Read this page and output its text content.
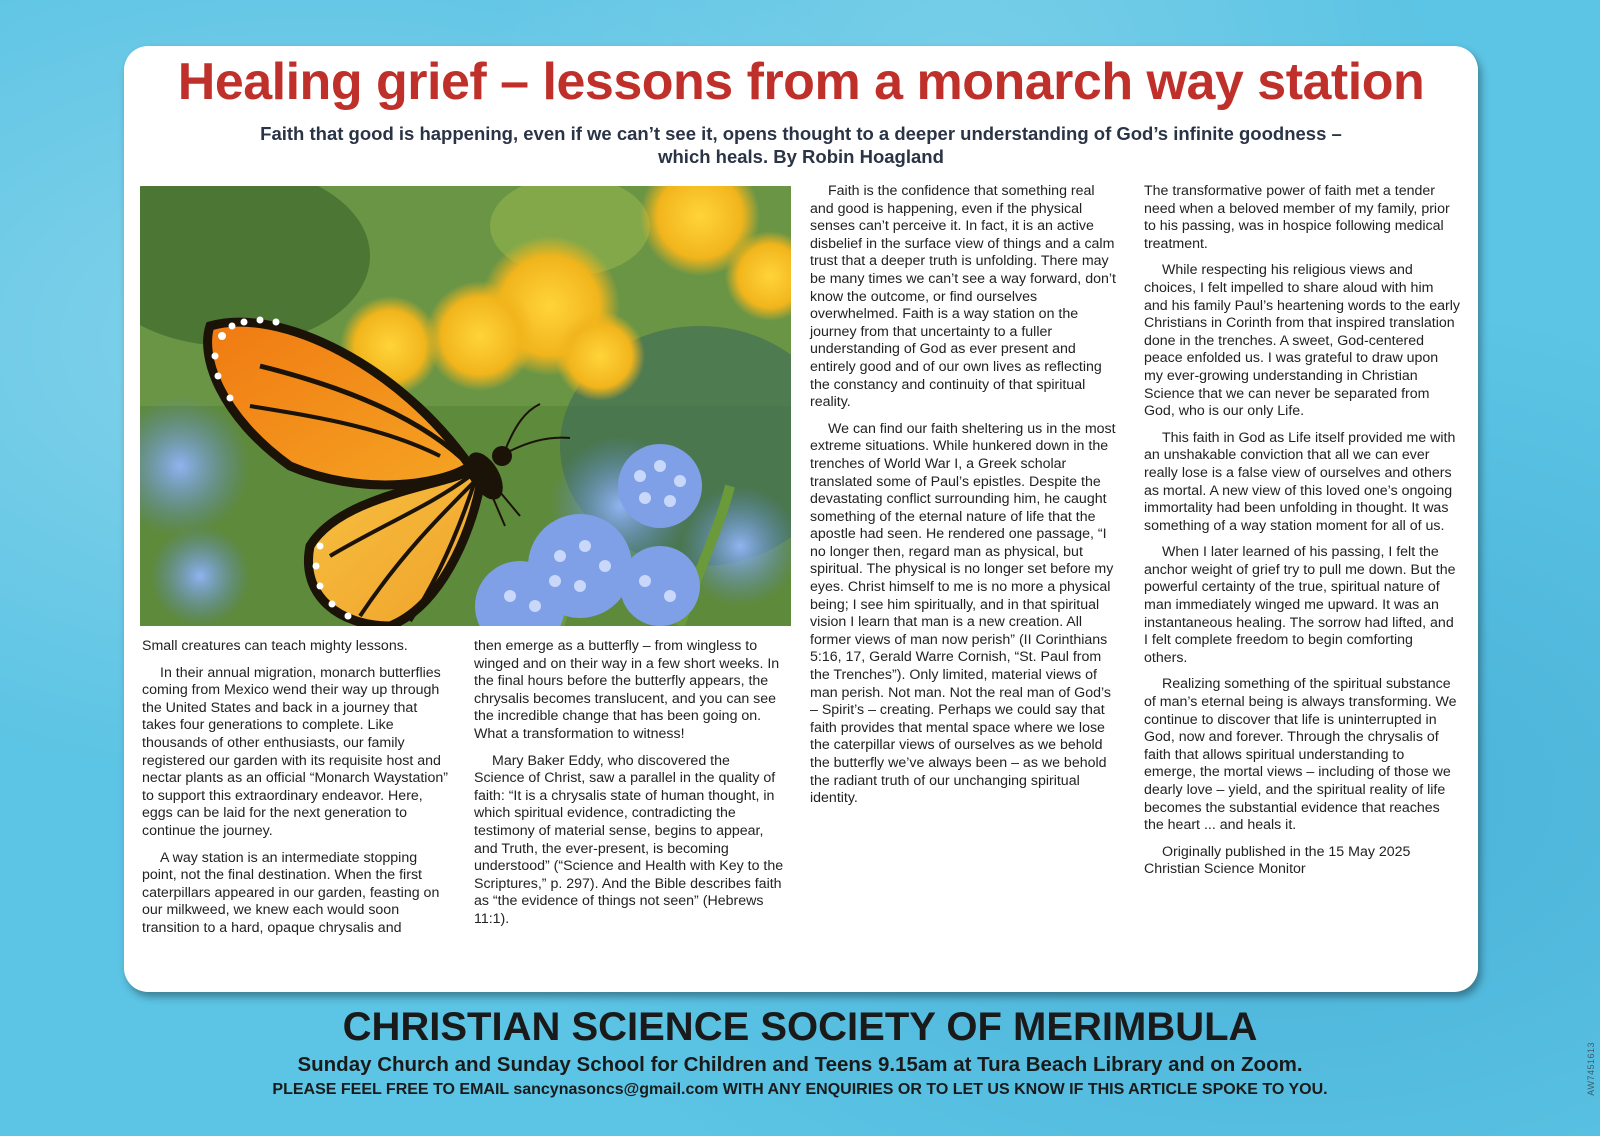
Healing grief – lessons from a monarch way station
Faith that good is happening, even if we can’t see it, opens thought to a deeper understanding of God’s infinite goodness – which heals. By Robin Hoagland

Small creatures can teach mighty lessons.

In their annual migration, monarch butterflies coming from Mexico wend their way up through the United States and back in a journey that takes four generations to complete. Like thousands of other enthusiasts, our family registered our garden with its requisite host and nectar plants as an official “Monarch Waystation” to support this extraordinary endeavor. Here, eggs can be laid for the next generation to continue the journey.

A way station is an intermediate stopping point, not the final destination. When the first caterpillars appeared in our garden, feasting on our milkweed, we knew each would soon transition to a hard, opaque chrysalis and

then emerge as a butterfly – from wingless to winged and on their way in a few short weeks. In the final hours before the butterfly appears, the chrysalis becomes translucent, and you can see the incredible change that has been going on. What a transformation to witness!

Mary Baker Eddy, who discovered the Science of Christ, saw a parallel in the quality of faith: “It is a chrysalis state of human thought, in which spiritual evidence, contradicting the testimony of material sense, begins to appear, and Truth, the ever-present, is becoming understood” (“Science and Health with Key to the Scriptures,” p. 297). And the Bible describes faith as “the evidence of things not seen” (Hebrews 11:1).

Faith is the confidence that something real and good is happening, even if the physical senses can’t perceive it. In fact, it is an active disbelief in the surface view of things and a calm trust that a deeper truth is unfolding. There may be many times we can’t see a way forward, don’t know the outcome, or find ourselves overwhelmed. Faith is a way station on the journey from that uncertainty to a fuller understanding of God as ever present and entirely good and of our own lives as reflecting the constancy and continuity of that spiritual reality.

We can find our faith sheltering us in the most extreme situations. While hunkered down in the trenches of World War I, a Greek scholar translated some of Paul’s epistles. Despite the devastating conflict surrounding him, he caught something of the eternal nature of life that the apostle had seen. He rendered one passage, “I no longer then, regard man as physical, but spiritual. The physical is no longer set before my eyes. Christ himself to me is no more a physical being; I see him spiritually, and in that spiritual vision I learn that man is a new creation. All former views of man now perish” (II Corinthians 5:16, 17, Gerald Warre Cornish, “St. Paul from the Trenches”). Only limited, material views of man perish. Not man. Not the real man of God’s – Spirit’s – creating. Perhaps we could say that faith provides that mental space where we lose the caterpillar views of ourselves as we behold the butterfly we’ve always been – as we behold the radiant truth of our unchanging spiritual identity.

The transformative power of faith met a tender need when a beloved member of my family, prior to his passing, was in hospice following medical treatment.

While respecting his religious views and choices, I felt impelled to share aloud with him and his family Paul’s heartening words to the early Christians in Corinth from that inspired translation done in the trenches. A sweet, God-centered peace enfolded us. I was grateful to draw upon my ever-growing understanding in Christian Science that we can never be separated from God, who is our only Life.

This faith in God as Life itself provided me with an unshakable conviction that all we can ever really lose is a false view of ourselves and others as mortal. A new view of this loved one’s ongoing immortality had been unfolding in thought. It was something of a way station moment for all of us.

When I later learned of his passing, I felt the anchor weight of grief try to pull me down. But the powerful certainty of the true, spiritual nature of man immediately winged me upward. It was an instantaneous healing. The sorrow had lifted, and I felt complete freedom to begin comforting others.

Realizing something of the spiritual substance of man’s eternal being is always transforming. We continue to discover that life is uninterrupted in God, now and forever. Through the chrysalis of faith that allows spiritual understanding to emerge, the mortal views – including of those we dearly love – yield, and the spiritual reality of life becomes the substantial evidence that reaches the heart ... and heals it.

Originally published in the 15 May 2025 Christian Science Monitor

CHRISTIAN SCIENCE SOCIETY OF MERIMBULA
Sunday Church and Sunday School for Children and Teens 9.15am at Tura Beach Library and on Zoom.
PLEASE FEEL FREE TO EMAIL sancynasoncs@gmail.com WITH ANY ENQUIRIES OR TO LET US KNOW IF THIS ARTICLE SPOKE TO YOU.	AW7451613
